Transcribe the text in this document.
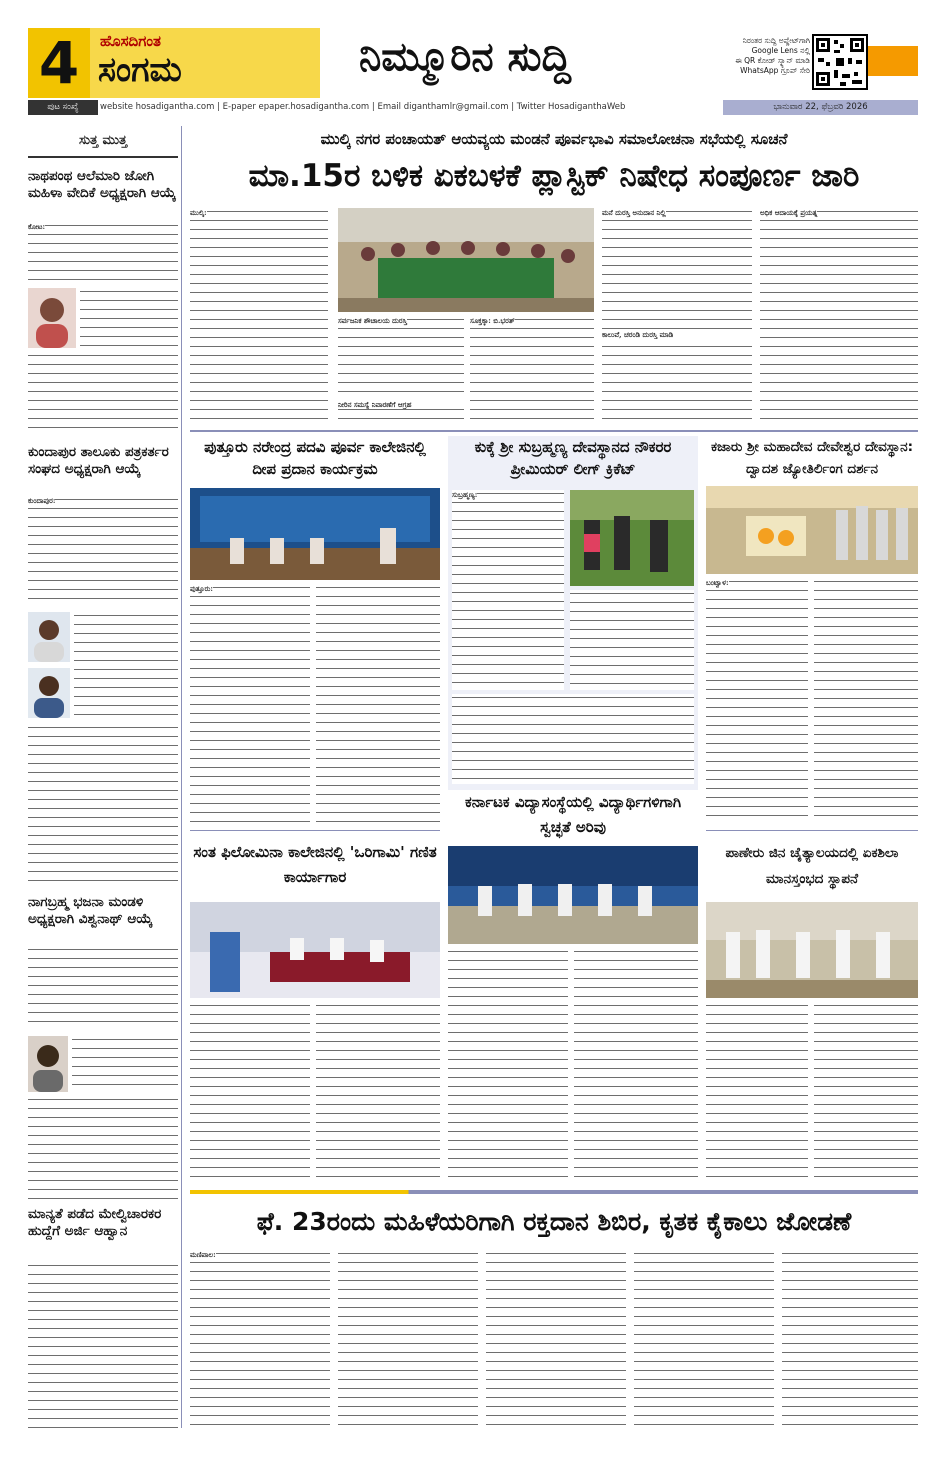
4	ಹೊಸದಿಗಂತ
ಸಂಗಮ	ನಿಮ್ಮೂರಿನ ಸುದ್ದಿ	ನಿರಂತರ ಸುದ್ದಿ ಅಪ್ಡೇಟ್‌ಗಾಗಿ
Google Lens ನಲ್ಲಿ
ಈ QR ಕೋಡ್ ಸ್ಕ್ಯಾನ್ ಮಾಡಿ
WhatsApp ಗ್ರೂಪ್ ಸೇರಿ
ಪುಟ ಸಂಖ್ಯೆ	website hosadigantha.com | E-paper epaper.hosadigantha.com | Email diganthamlr@gmail.com | Twitter HosadiganthaWeb	ಭಾನುವಾರ 22, ಫೆಬ್ರವರಿ 2026
ಸುತ್ತ ಮುತ್ತ
ನಾಥಪಂಥ ಆಲೆಮಾರಿ ಜೋಗಿ ಮಹಿಳಾ ವೇದಿಕೆ ಅಧ್ಯಕ್ಷರಾಗಿ ಆಯ್ಕೆ
ಕೋಟ:
ಕುಂದಾಪುರ ತಾಲೂಕು ಪತ್ರಕರ್ತರ ಸಂಘದ ಅಧ್ಯಕ್ಷರಾಗಿ ಆಯ್ಕೆ
ಕುಂದಾಪುರ:
ನಾಗಬ್ರಹ್ಮ ಭಜನಾ ಮಂಡಳಿ ಅಧ್ಯಕ್ಷರಾಗಿ ವಿಶ್ವನಾಥ್ ಆಯ್ಕೆ
ಮಾನ್ಯತೆ ಪಡೆದ ಮೇಲ್ವಿಚಾರಕರ ಹುದ್ದೆಗೆ ಅರ್ಜಿ ಆಹ್ವಾನ
ಮುಲ್ಕಿ ನಗರ ಪಂಚಾಯತ್ ಆಯವ್ಯಯ ಮಂಡನೆ ಪೂರ್ವಭಾವಿ ಸಮಾಲೋಚನಾ ಸಭೆಯಲ್ಲಿ ಸೂಚನೆ
ಮಾ.15ರ ಬಳಿಕ ಏಕಬಳಕೆ ಪ್ಲಾಸ್ಟಿಕ್ ನಿಷೇಧ ಸಂಪೂರ್ಣ ಜಾರಿ
ಮುಲ್ಕಿ:
ಸರ್ವಜನಿಕ ಶೌಚಾಲಯ ದುರಸ್ತಿ	ಸೂಕ್ತಕ್ಕಾ: ಬಿ.ಭರತ್
ಮನೆ ದುರಸ್ತಿ ಅನುದಾನ ನಿಲ್ಲಿ	ಅಧಿಕ ಆದಾಯಕ್ಕೆ ಪ್ರಯತ್ನ
ಪುತ್ತೂರು ನರೇಂದ್ರ ಪದವಿ ಪೂರ್ವ ಕಾಲೇಜಿನಲ್ಲಿ ದೀಪ ಪ್ರದಾನ ಕಾರ್ಯಕ್ರಮ
ಪುತ್ತೂರು:
ಕುಕ್ಕೆ ಶ್ರೀ ಸುಬ್ರಹ್ಮಣ್ಯ ದೇವಸ್ಥಾನದ ನೌಕರರ ಪ್ರೀಮಿಯರ್ ಲೀಗ್ ಕ್ರಿಕೆಟ್
ಸುಬ್ರಹ್ಮಣ್ಯ:
ಕಜಾರು ಶ್ರೀ ಮಹಾದೇವ ದೇವೇಶ್ವರ ದೇವಸ್ಥಾನ: ದ್ವಾದಶ ಜ್ಯೋತಿರ್ಲಿಂಗ ದರ್ಶನ
ಬಂಟ್ವಾಳ:
ಕರ್ನಾಟಕ ವಿದ್ಯಾಸಂಸ್ಥೆಯಲ್ಲಿ ವಿದ್ಯಾರ್ಥಿಗಳಿಗಾಗಿ ಸ್ವಚ್ಛತೆ ಅರಿವು
ಸಂತ ಫಿಲೋಮಿನಾ ಕಾಲೇಜಿನಲ್ಲಿ 'ಒರಿಗಾಮಿ' ಗಣಿತ ಕಾರ್ಯಾಗಾರ
ಪಾಣೇರು ಜಿನ ಚೈತ್ಯಾಲಯದಲ್ಲಿ ಏಕಶಿಲಾ ಮಾನಸ್ತಂಭದ ಸ್ಥಾಪನೆ
ಫೆ. 23ರಂದು ಮಹಿಳೆಯರಿಗಾಗಿ ರಕ್ತದಾನ ಶಿಬಿರ, ಕೃತಕ ಕೈಕಾಲು ಜೋಡಣೆ
ಮಣಿಪಾಲ:
ನೀರಿನ ಸಮಸ್ಯೆ ನಿವಾರಣೆಗೆ ಆಗ್ರಹ
ಕಾಲುವೆ, ಚರಂಡಿ ದುರಸ್ತಿ ಮಾಡಿ
